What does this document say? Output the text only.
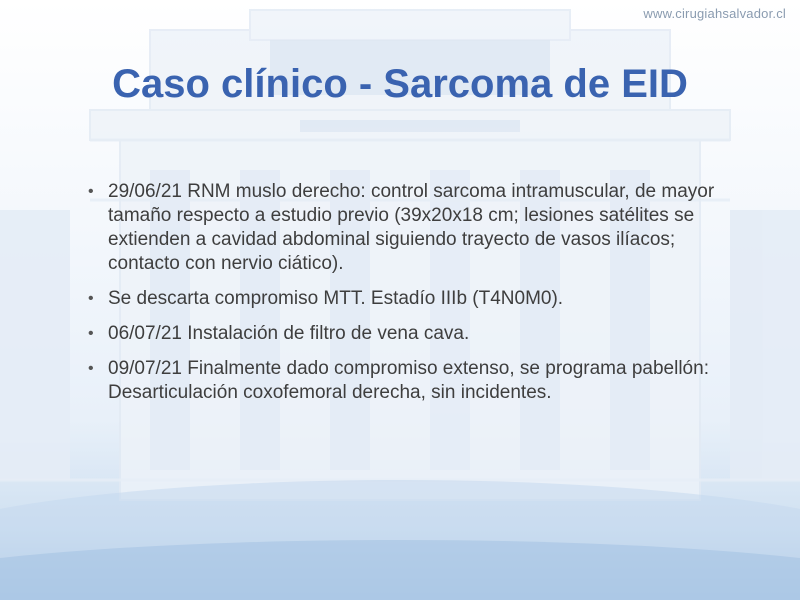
www.cirugiahsalvador.cl
Caso clínico - Sarcoma de EID
• 29/06/21 RNM muslo derecho: control sarcoma intramuscular, de mayor tamaño respecto a estudio previo (39x20x18 cm; lesiones satélites se extienden a cavidad abdominal siguiendo trayecto de vasos ilíacos; contacto con nervio ciático).
• Se descarta compromiso MTT. Estadío IIIb (T4N0M0).
• 06/07/21 Instalación de filtro de vena cava.
• 09/07/21 Finalmente dado compromiso extenso, se programa pabellón: Desarticulación coxofemoral derecha, sin incidentes.
